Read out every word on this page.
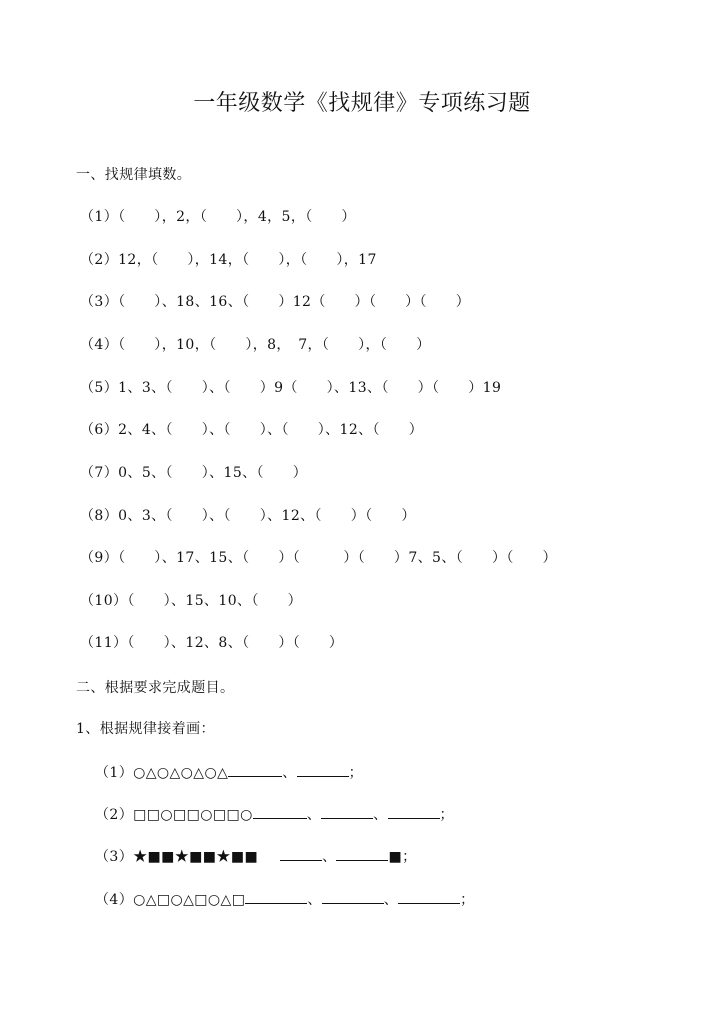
一年级数学《找规律》专项练习题
一、找规律填数。
（1）（　　），2，（　　），4，5，（　　）
（2）12，（　　），14，（　　），（　　），17
（3）（　　）、18、16、（　　）12（　　）（　　）（　　）
（4）（　　），10，（　　），8，　7，（　　），（　　）
（5）1、3、（　　）、（　　）9（　　）、13、（　　）（　　）19
（6）2、4、（　　）、（　　）、（　　）、12、（　　）
（7）0、5、（　　）、15、（　　）
（8）0、3、（　　）、（　　）、12、（　　）（　　）
（9）（　　）、17、15、（　　）（　　　）（　　）7、5、（　　）（　　）
（10）（　　）、15、10、（　　）
（11）（　　）、12、8、（　　）（　　）
二、根据要求完成题目。
1、根据规律接着画：
（1）○△○△○△○△	、	；
（2）□□○□□○□□○	、	、	；
（3）★■■★■■★■■	、	■；
（4）○△□○△□○△□	、	、	；
